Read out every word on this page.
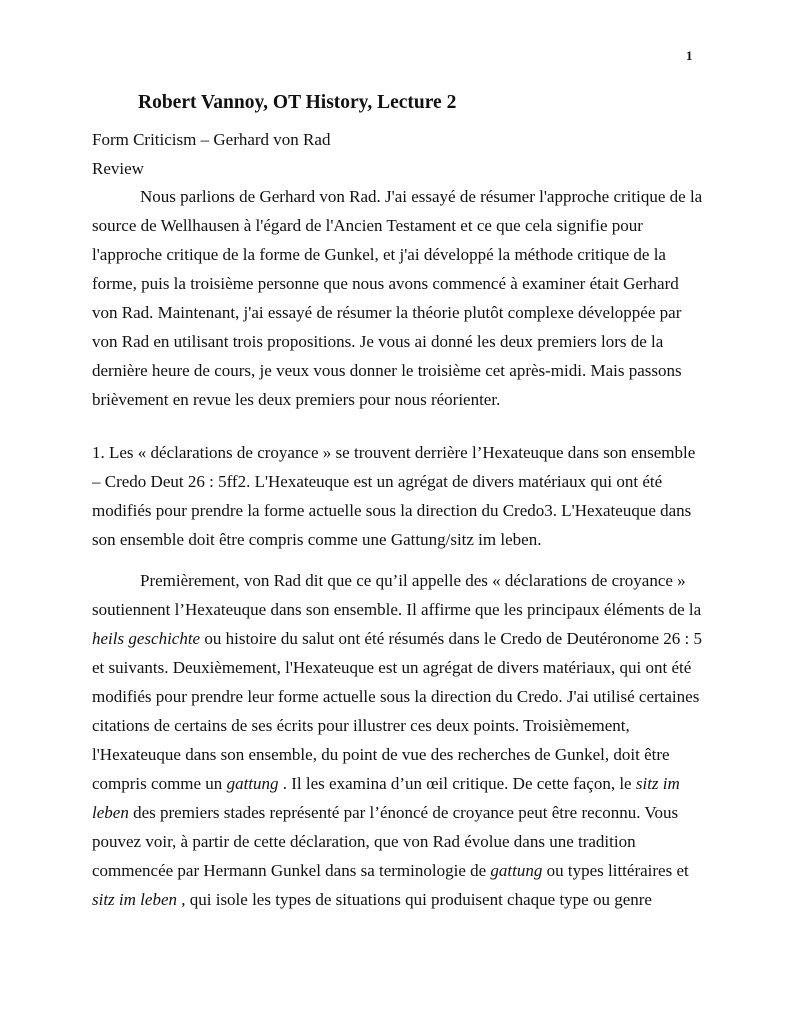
1
Robert Vannoy, OT History, Lecture 2
Form Criticism – Gerhard von Rad
Review
Nous parlions de Gerhard von Rad. J'ai essayé de résumer l'approche critique de la
source de Wellhausen à l'égard de l'Ancien Testament et ce que cela signifie pour
l'approche critique de la forme de Gunkel, et j'ai développé la méthode critique de la
forme, puis la troisième personne que nous avons commencé à examiner était Gerhard
von Rad. Maintenant, j'ai essayé de résumer la théorie plutôt complexe développée par
von Rad en utilisant trois propositions. Je vous ai donné les deux premiers lors de la
dernière heure de cours, je veux vous donner le troisième cet après-midi. Mais passons
brièvement en revue les deux premiers pour nous réorienter.
1. Les « déclarations de croyance » se trouvent derrière l’Hexateuque dans son ensemble
– Credo Deut 26 : 5ff2. L'Hexateuque est un agrégat de divers matériaux qui ont été
modifiés pour prendre la forme actuelle sous la direction du Credo3. L'Hexateuque dans
son ensemble doit être compris comme une Gattung/sitz im leben.
Premièrement, von Rad dit que ce qu’il appelle des « déclarations de croyance »
soutiennent l’Hexateuque dans son ensemble. Il affirme que les principaux éléments de la
heils geschichte ou histoire du salut ont été résumés dans le Credo de Deutéronome 26 : 5
et suivants. Deuxièmement, l'Hexateuque est un agrégat de divers matériaux, qui ont été
modifiés pour prendre leur forme actuelle sous la direction du Credo. J'ai utilisé certaines
citations de certains de ses écrits pour illustrer ces deux points. Troisièmement,
l'Hexateuque dans son ensemble, du point de vue des recherches de Gunkel, doit être
compris comme un gattung . Il les examina d’un œil critique. De cette façon, le sitz im
leben des premiers stades représenté par l’énoncé de croyance peut être reconnu. Vous
pouvez voir, à partir de cette déclaration, que von Rad évolue dans une tradition
commencée par Hermann Gunkel dans sa terminologie de gattung ou types littéraires et
sitz im leben , qui isole les types de situations qui produisent chaque type ou genre
